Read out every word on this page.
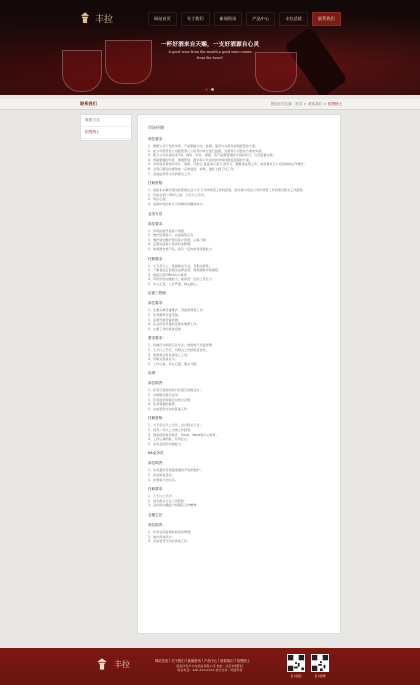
丰拉	网站首页	关于我们	新闻资讯	产品中心	丰拉总裁	联系我们
一杯好酒来自天赐，一支好酒源自心灵
A good wine from the mouth,a good wine comes
from the heart!
联系我们	您现在的位置：首页 > 联系我们 > 招贤纳士
联系方式
招贤纳士
市场经理
岗位要求：
1、根据公司下发的市场、产品策略方向，监督、建设与完善和市场经营的方案；
2、在公司领导及公司经营部门下指导中执行进行监督、完善和公司落实方案的实施；
3、配合公司总体各项 SA、销售、市场、渠道、资产监督管理的方案的执行，以及监督实施；
4、营销渠道的分析、渠道策划、图书等公共消息的市场的推进进程的方案。
5、市场项目规划和设计、更新，可配合 直接加以适当 的学习，要推进各项工作，如需要执行公司直销的运作情况；
6、对责任事宜的规划成一定的进度、审核，做好上级下达工作；
7、其他由领导交办的相关工作。
任职资格：
1、具备本从事所相关的营销企业公司 公司市场营工作的经验，能有效与所在公司市场营工作的项目相关工作经验；
2、年龄在25~45岁之间，大专以上学历；
3、责任心强；
4、具备出色的执行力和解决问题的能力。
业务专员
岗位要求：
1、市场拓展开拓客户资源；
2、维护拓展客户，完成销售任务；
3、维护通过维护原有客户资源，认真了解；
4、定期完成客户等资料的整理；
5、熟悉酒水类产品，具有一定的市场拓展能力；
任职要求：
1、大专及以上，具备相关专业，有相关经验；
2、了解食品行业相关法律法规，熟悉酒类市场销售；
3、熟练运用Office办公软件；
4、有较好的沟通能力，能承受一定的工作压力；
5、为人正直，工作严谨，细心耐心。
店面工程师
岗位要求：
1、主要从事设备维护、设备保养等工作；
2、负责维修日常设备；
3、定期开展设备检测；
4、企业所有设备的安装和维修工作；
5、主要工作的具体安排。
要求要求：
1、机械设计制造专业毕业，熟悉电气设备原理；
2、大专以上学历，有相关工作经验者优先；
3、熟悉和运用各类电工工具；
4、有相关资质证书；
5、工作认真，责任心强，服从分配。
出纳
岗位职责：
1、负责日常现金收付及银行结算业务；
2、办理相关银行业务；
3、负责现金和银行存款日记账；
4、负责票据的保管；
5、完成领导交办的其他工作。
任职资格：
1、大专学历以上学历，会计相关专业；
2、具有一年以上出纳工作经验；
3、熟练使用财务软件、Excel、Word等办公软件；
4、工作认真细致，有责任心；
5、具有良好的沟通能力。
KA业务员
岗位职责：
1、负责超市及商超渠道的开发和维护；
2、完成销售目标；
3、处理客户的关系。
任职要求：
1、大专以上学历；
2、具有相关行业工作经验；
3、良好的沟通能力和团队合作精神。
仓储主任
岗位职责：
1、负责仓库货物的收发和管理；
2、做好库存统计；
3、完成领导交办的其他工作。
丰拉	网站首页 | 关于我们 | 新闻资讯 | 产品中心 | 联系我们 | 招贤纳士
版权所有©丰拉酒业有限公司 地址：北京市朝阳区
联系电话：400-XXX-XXXX 技术支持：网络科技
官方微信	官方微博
